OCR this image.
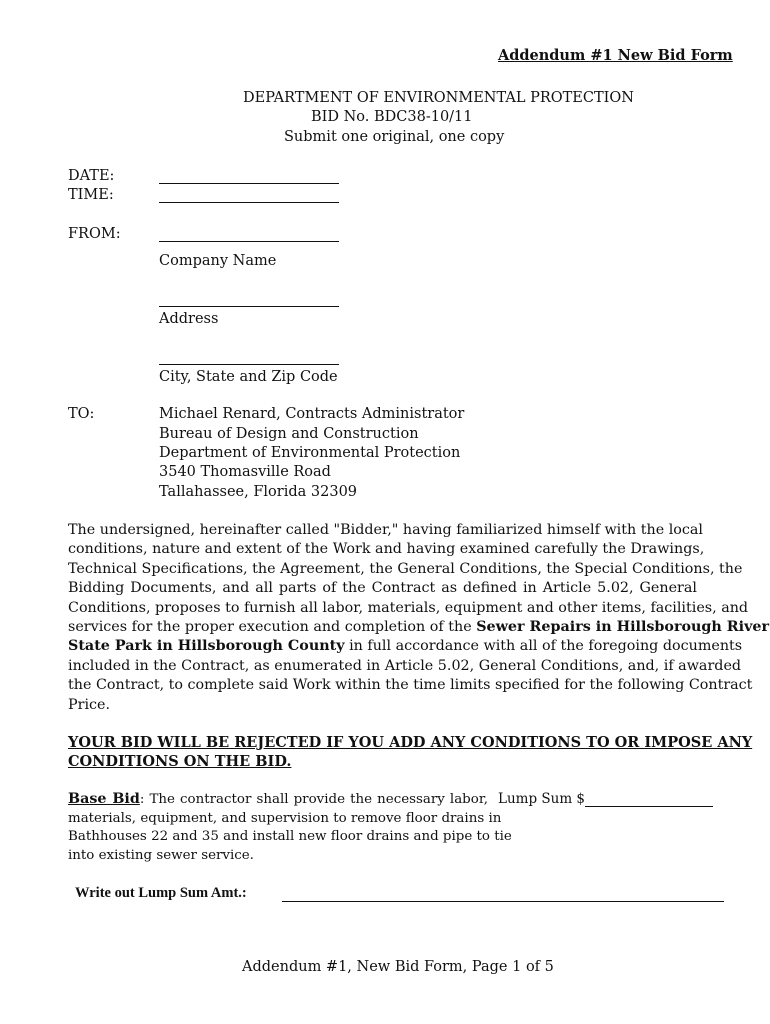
Addendum #1 New Bid Form
DEPARTMENT OF ENVIRONMENTAL PROTECTION
BID No. BDC38-10/11
Submit one original, one copy
DATE:
TIME:
FROM:
Company Name
Address
City, State and Zip Code
TO:	Michael Renard, Contracts Administrator
Bureau of Design and Construction
Department of Environmental Protection
3540 Thomasville Road
Tallahassee, Florida 32309
The undersigned, hereinafter called "Bidder," having familiarized himself with the local
conditions, nature and extent of the Work and having examined carefully the Drawings,
Technical Specifications, the Agreement, the General Conditions, the Special Conditions, the
Bidding Documents, and all parts of the Contract as defined in Article 5.02, General
Conditions, proposes to furnish all labor, materials, equipment and other items, facilities, and
services for the proper execution and completion of the Sewer Repairs in Hillsborough River
State Park in Hillsborough County in full accordance with all of the foregoing documents
included in the Contract, as enumerated in Article 5.02, General Conditions, and, if awarded
the Contract, to complete said Work within the time limits specified for the following Contract
Price.
YOUR BID WILL BE REJECTED IF YOU ADD ANY CONDITIONS TO OR IMPOSE ANY
CONDITIONS ON THE BID.
Base Bid: The contractor shall provide the necessary labor,
materials, equipment, and supervision to remove floor drains in
Bathhouses 22 and 35 and install new floor drains and pipe to tie
into existing sewer service.
Lump Sum $
Write out Lump Sum Amt.:
Addendum #1, New Bid Form, Page 1 of 5
